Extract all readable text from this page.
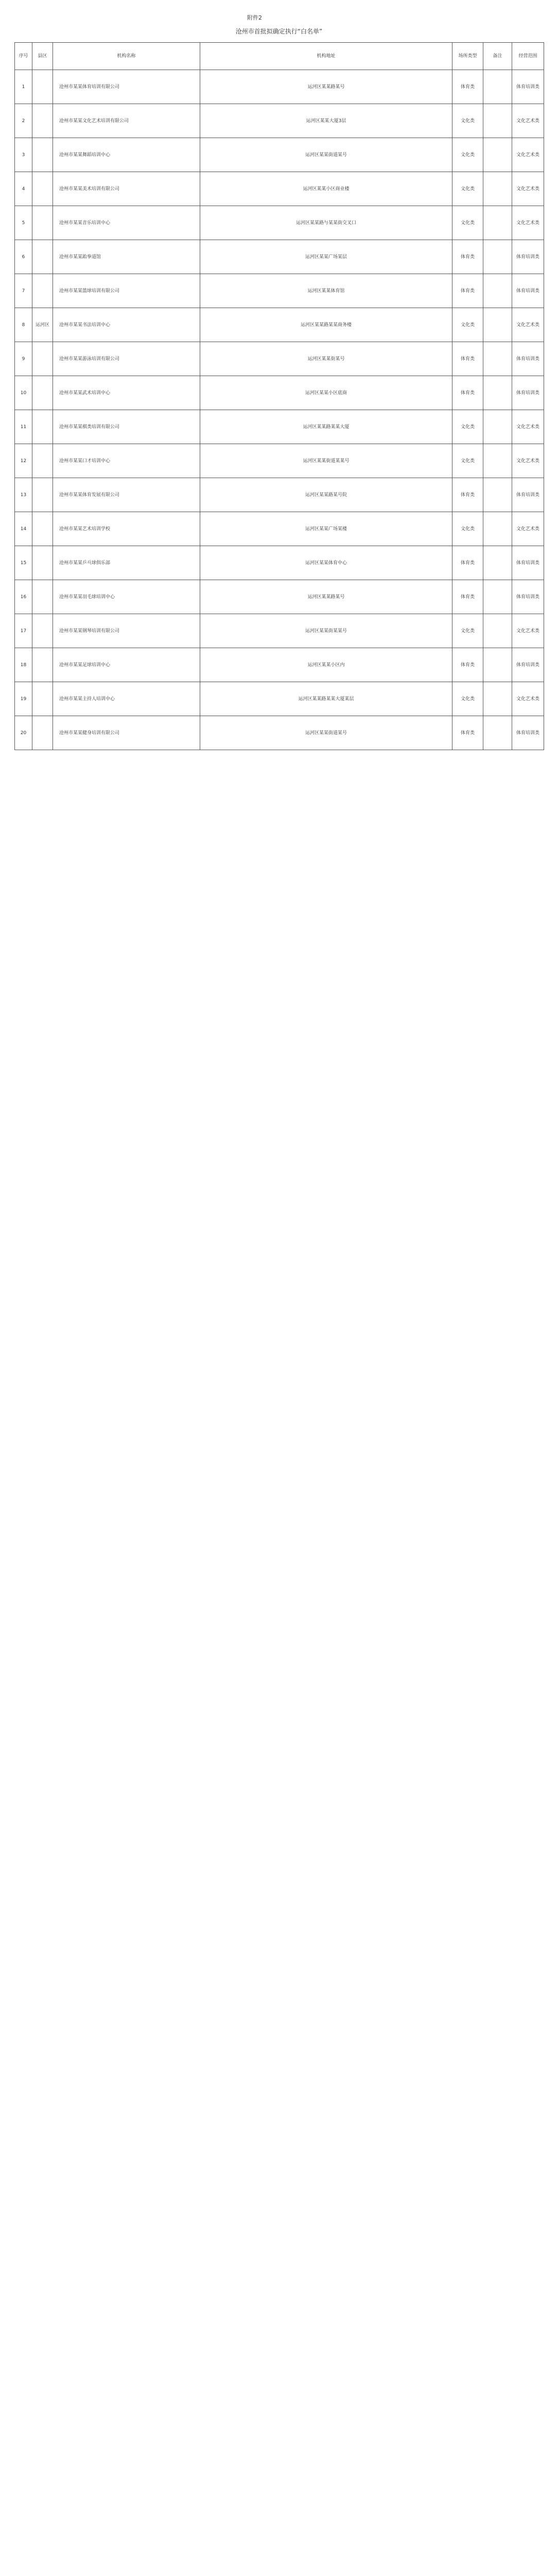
附件2
沧州市首批拟确定执行“白名单”
序号	县区	机构名称	机构地址	场所类型	备注	经营范围
1		沧州市某某体育培训有限公司	运河区某某路某号	体育类		体育培训类
2		沧州市某某文化艺术培训有限公司	运河区某某大厦3层	文化类		文化艺术类
3		沧州市某某舞蹈培训中心	运河区某某街道某号	文化类		文化艺术类
4		沧州市某某美术培训有限公司	运河区某某小区商业楼	文化类		文化艺术类
5		沧州市某某音乐培训中心	运河区某某路与某某街交叉口	文化类		文化艺术类
6		沧州市某某跆拳道馆	运河区某某广场某层	体育类		体育培训类
7		沧州市某某篮球培训有限公司	运河区某某体育馆	体育类		体育培训类
8	运河区	沧州市某某书法培训中心	运河区某某路某某商务楼	文化类		文化艺术类
9		沧州市某某游泳培训有限公司	运河区某某街某号	体育类		体育培训类
10		沧州市某某武术培训中心	运河区某某小区底商	体育类		体育培训类
11		沧州市某某棋类培训有限公司	运河区某某路某某大厦	文化类		文化艺术类
12		沧州市某某口才培训中心	运河区某某街道某某号	文化类		文化艺术类
13		沧州市某某体育发展有限公司	运河区某某路某号院	体育类		体育培训类
14		沧州市某某艺术培训学校	运河区某某广场某楼	文化类		文化艺术类
15		沧州市某某乒乓球俱乐部	运河区某某体育中心	体育类		体育培训类
16		沧州市某某羽毛球培训中心	运河区某某路某号	体育类		体育培训类
17		沧州市某某钢琴培训有限公司	运河区某某街某某号	文化类		文化艺术类
18		沧州市某某足球培训中心	运河区某某小区内	体育类		体育培训类
19		沧州市某某主持人培训中心	运河区某某路某某大厦某层	文化类		文化艺术类
20		沧州市某某健身培训有限公司	运河区某某街道某号	体育类		体育培训类
